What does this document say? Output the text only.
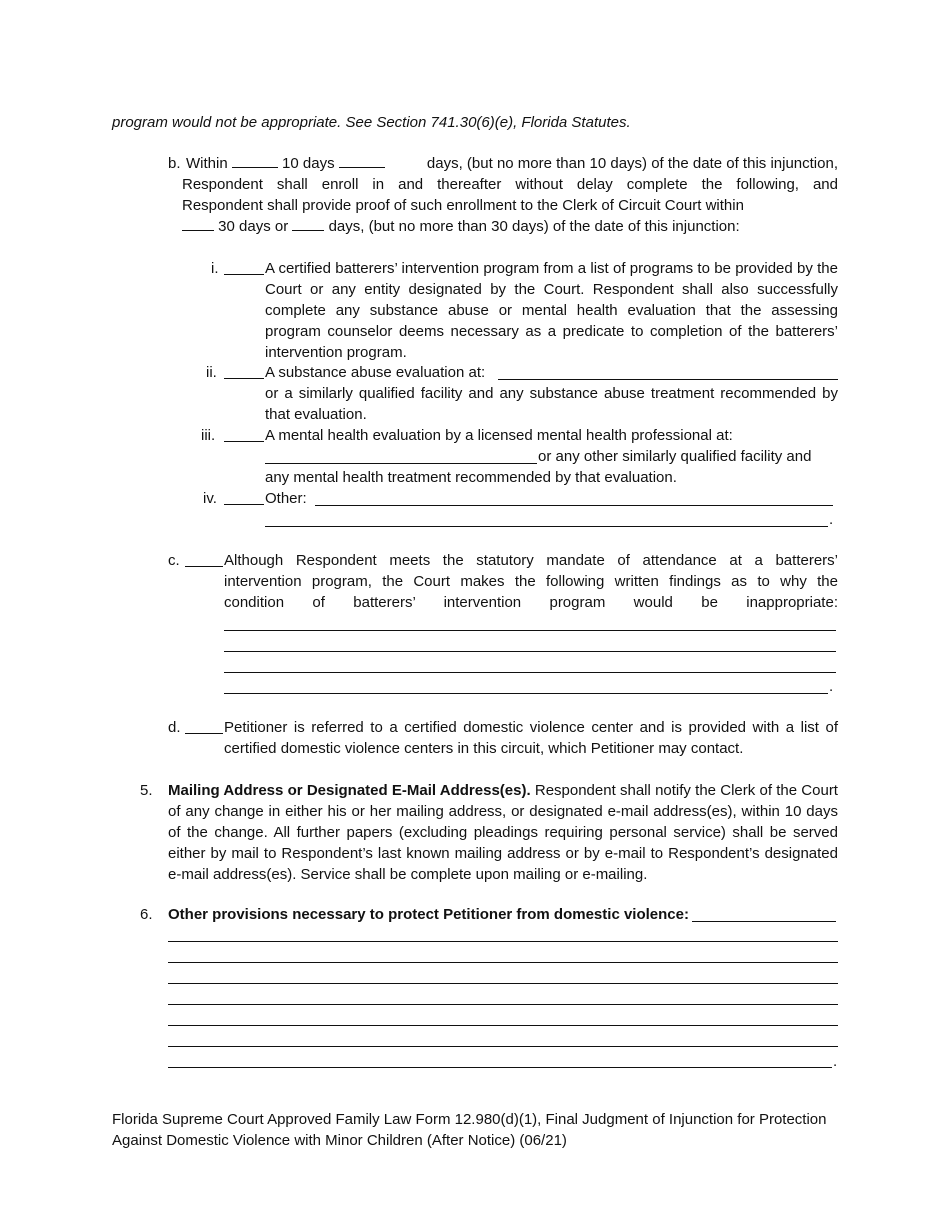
program would not be appropriate. See Section 741.30(6)(e), Florida Statutes.
b. Within	10 days	days, (but no more than 10 days) of the date of this injunction,
Respondent shall enroll in and thereafter without delay complete the following, and
Respondent shall provide proof of such enrollment to the Clerk of Circuit Court within
30 days or	days, (but no more than 30 days) of the date of this injunction:
i.	A certified batterers’ intervention program from a list of programs to be provided by the Court or any entity designated by the Court. Respondent shall also successfully complete any substance abuse or mental health evaluation that the assessing program counselor deems necessary as a predicate to completion of the batterers’ intervention program.
ii.	A substance abuse evaluation at:
or a similarly qualified facility and any substance abuse treatment recommended by that evaluation.
iii.	A mental health evaluation by a licensed mental health professional at:
or any other similarly qualified facility and
any mental health treatment recommended by that evaluation.
iv.	Other:
.
c.	Although Respondent meets the statutory mandate of attendance at a batterers’
intervention program, the Court makes the following written findings as to why the
condition of batterers’ intervention program would be inappropriate:
.
d.	Petitioner is referred to a certified domestic violence center and is provided with a list of
certified domestic violence centers in this circuit, which Petitioner may contact.
5. Mailing Address or Designated E-Mail Address(es). Respondent shall notify the Clerk of the Court of any change in either his or her mailing address, or designated e-mail address(es), within 10 days of the change. All further papers (excluding pleadings requiring personal service) shall be served either by mail to Respondent’s last known mailing address or by e-mail to Respondent’s designated e-mail address(es). Service shall be complete upon mailing or e-mailing.
6. Other provisions necessary to protect Petitioner from domestic violence:
.
Florida Supreme Court Approved Family Law Form 12.980(d)(1), Final Judgment of Injunction for Protection
Against Domestic Violence with Minor Children (After Notice) (06/21)
